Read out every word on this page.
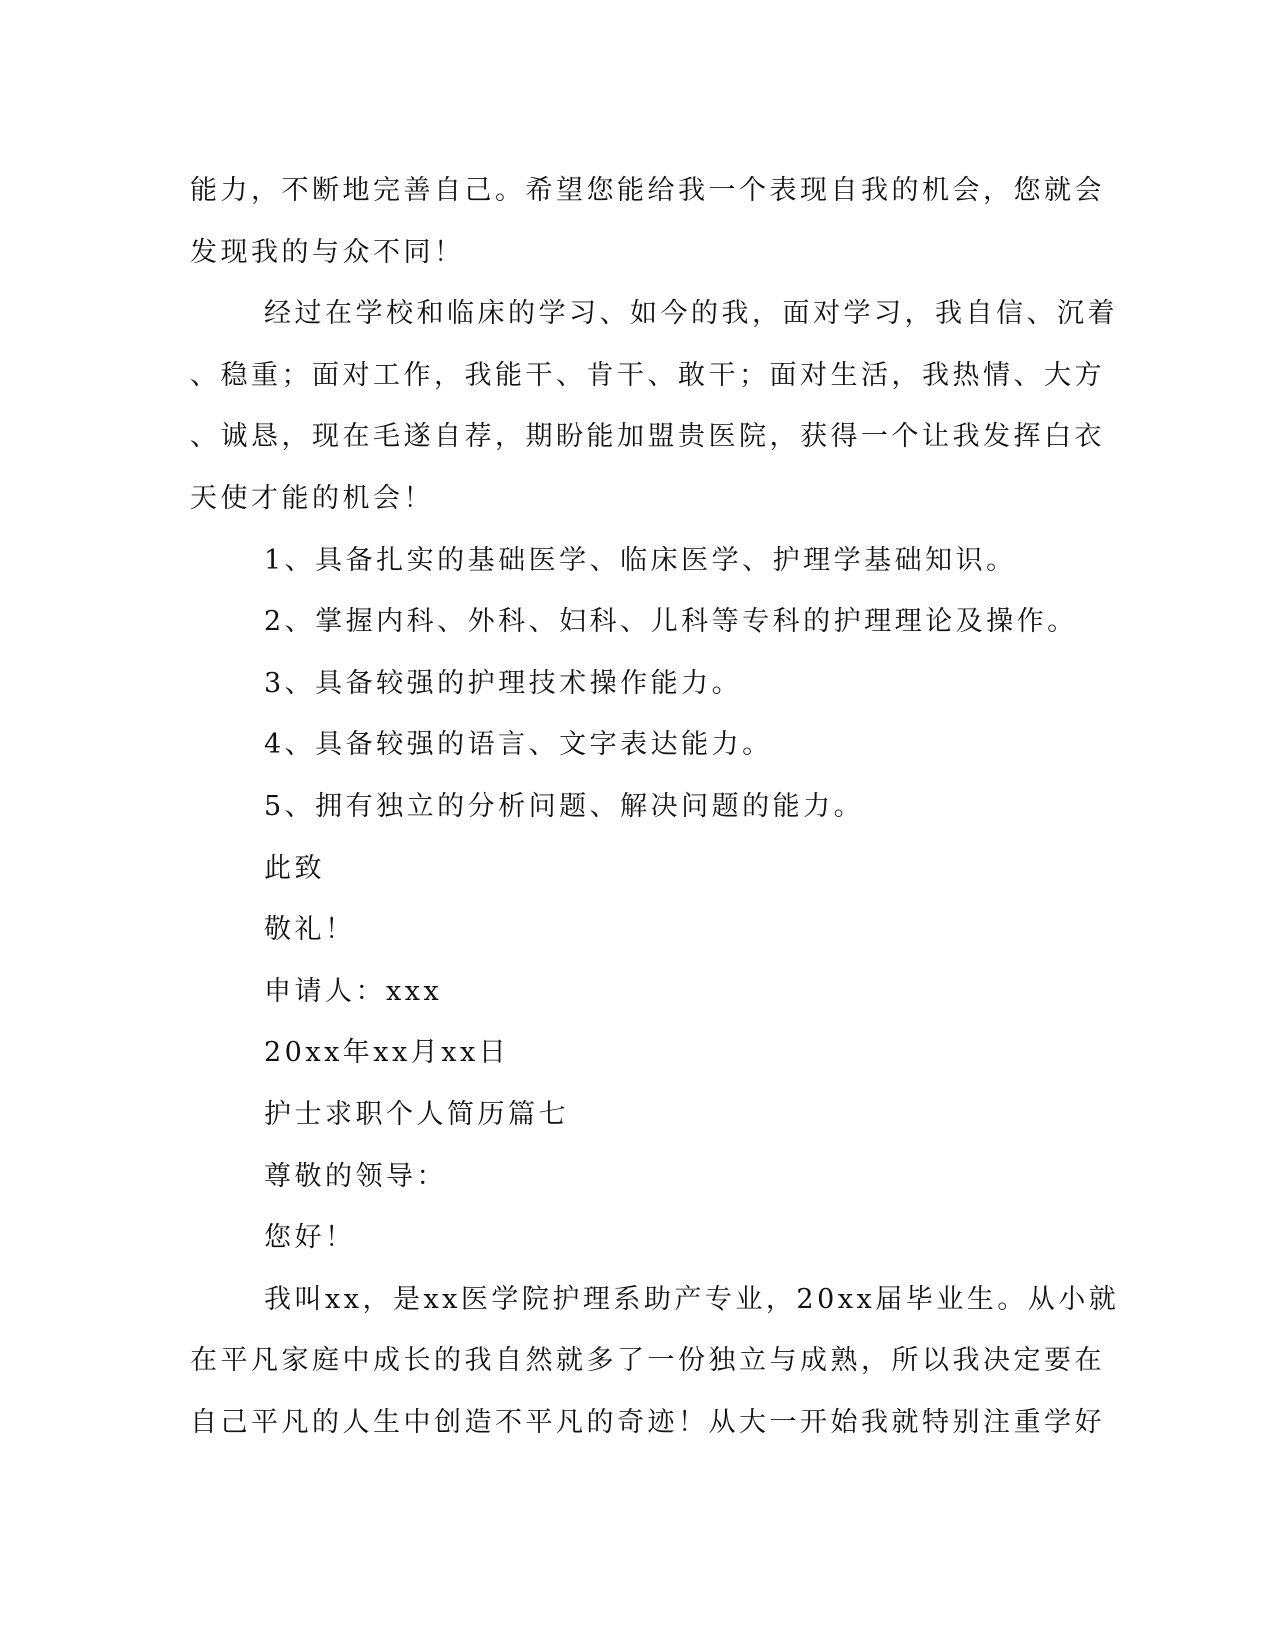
能力，不断地完善自己。希望您能给我一个表现自我的机会，您就会
发现我的与众不同！
经过在学校和临床的学习、如今的我，面对学习，我自信、沉着
、稳重；面对工作，我能干、肯干、敢干；面对生活，我热情、大方
、诚恳，现在毛遂自荐，期盼能加盟贵医院，获得一个让我发挥白衣
天使才能的机会！
1、具备扎实的基础医学、临床医学、护理学基础知识。
2、掌握内科、外科、妇科、儿科等专科的护理理论及操作。
3、具备较强的护理技术操作能力。
4、具备较强的语言、文字表达能力。
5、拥有独立的分析问题、解决问题的能力。
此致
敬礼！
申请人：xxx
20xx年xx月xx日
护士求职个人简历篇七
尊敬的领导：
您好！
我叫xx，是xx医学院护理系助产专业，20xx届毕业生。从小就
在平凡家庭中成长的我自然就多了一份独立与成熟，所以我决定要在
自己平凡的人生中创造不平凡的奇迹！从大一开始我就特别注重学好
